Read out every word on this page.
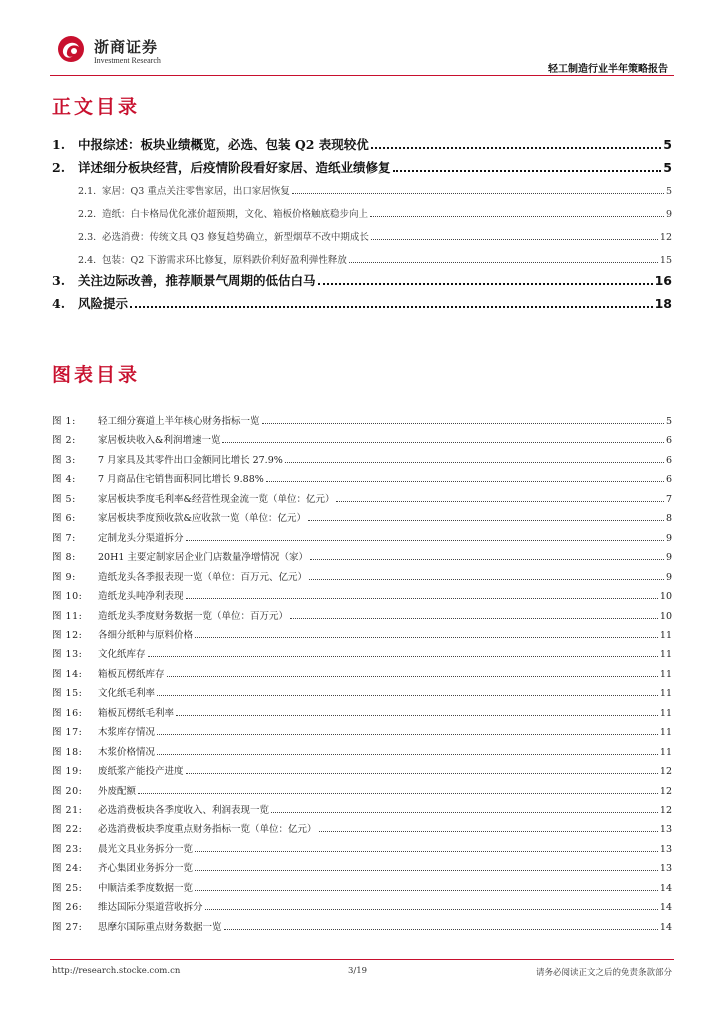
浙商证券
Investment Research
轻工制造行业半年策略报告
正文目录
1.	中报综述：板块业绩概览，必选、包装 Q2 表现较优	5
2.	详述细分板块经营，后疫情阶段看好家居、造纸业绩修复	5
2.1. 家居：Q3 重点关注零售家居，出口家居恢复	5
2.2. 造纸：白卡格局优化涨价超预期，文化、箱板价格触底稳步向上	9
2.3. 必选消费：传统文具 Q3 修复趋势确立，新型烟草不改中期成长	12
2.4. 包装：Q2 下游需求环比修复，原料跌价利好盈利弹性释放	15
3.	关注边际改善，推荐顺景气周期的低估白马	16
4.	风险提示	18
图表目录
图 1:	轻工细分赛道上半年核心财务指标一览	5
图 2:	家居板块收入&利润增速一览	6
图 3:	7 月家具及其零件出口金额同比增长 27.9%	6
图 4:	7 月商品住宅销售面积同比增长 9.88%	6
图 5:	家居板块季度毛利率&经营性现金流一览（单位：亿元）	7
图 6:	家居板块季度预收款&应收款一览（单位：亿元）	8
图 7:	定制龙头分渠道拆分	9
图 8:	20H1 主要定制家居企业门店数量净增情况（家）	9
图 9:	造纸龙头各季报表现一览（单位：百万元、亿元）	9
图 10:	造纸龙头吨净利表现	10
图 11:	造纸龙头季度财务数据一览（单位：百万元）	10
图 12:	各细分纸种与原料价格	11
图 13:	文化纸库存	11
图 14:	箱板瓦楞纸库存	11
图 15:	文化纸毛利率	11
图 16:	箱板瓦楞纸毛利率	11
图 17:	木浆库存情况	11
图 18:	木浆价格情况	11
图 19:	废纸浆产能投产进度	12
图 20:	外废配额	12
图 21:	必选消费板块各季度收入、利润表现一览	12
图 22:	必选消费板块季度重点财务指标一览（单位：亿元）	13
图 23:	晨光文具业务拆分一览	13
图 24:	齐心集团业务拆分一览	13
图 25:	中顺洁柔季度数据一览	14
图 26:	维达国际分渠道营收拆分	14
图 27:	思摩尔国际重点财务数据一览	14
http://research.stocke.com.cn	3/19	请务必阅读正文之后的免责条款部分
